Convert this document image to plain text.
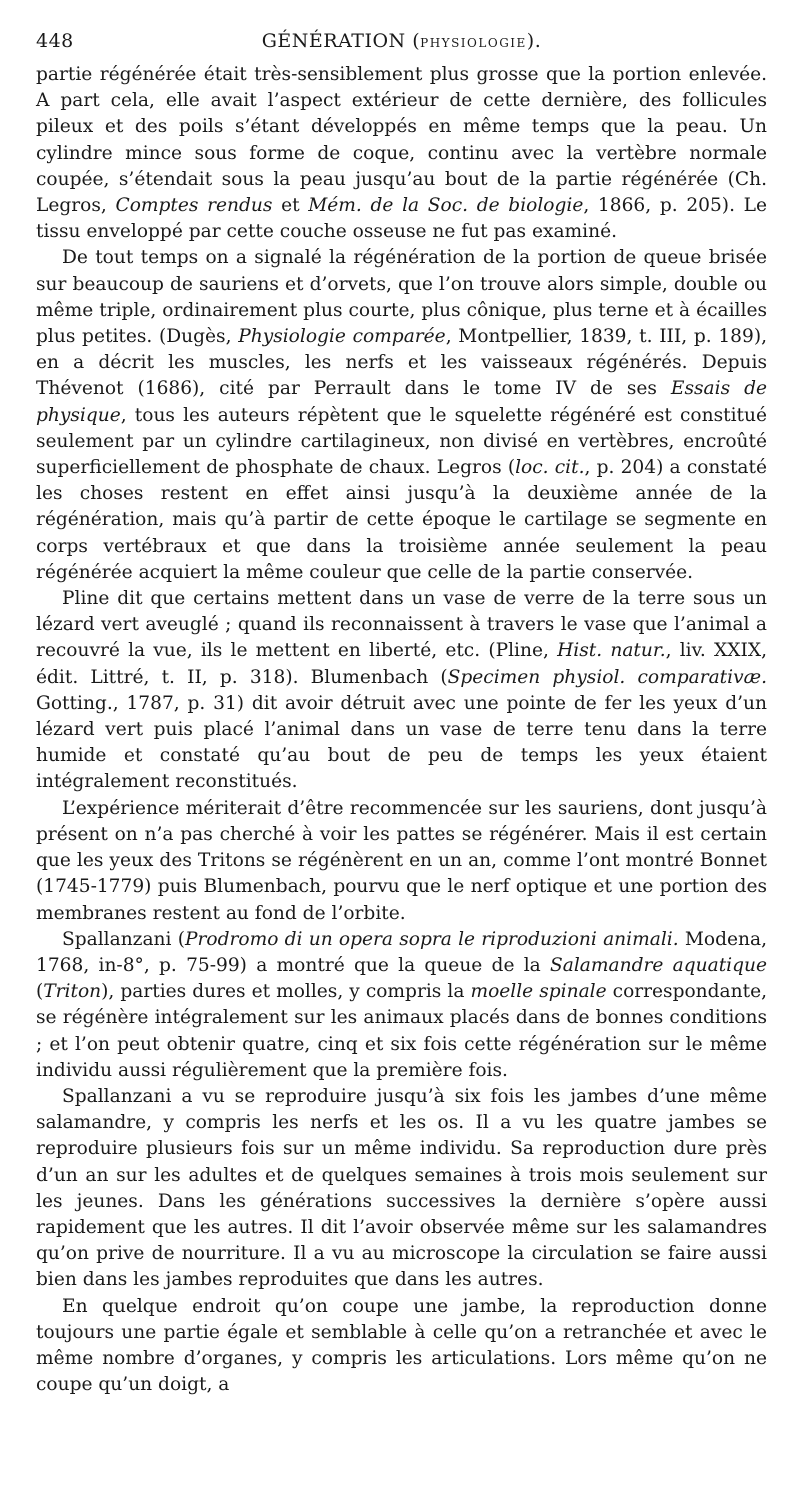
448	GÉNÉRATION (PHYSIOLOGIE).

partie régénérée était très-sensiblement plus grosse que la portion enlevée. A part cela, elle avait l’aspect extérieur de cette dernière, des follicules pileux et des poils s’étant développés en même temps que la peau. Un cylindre mince sous forme de coque, continu avec la vertèbre normale coupée, s’étendait sous la peau jusqu’au bout de la partie régénérée (Ch. Legros, Comptes rendus et Mém. de la Soc. de biologie, 1866, p. 205). Le tissu enveloppé par cette couche osseuse ne fut pas examiné.

De tout temps on a signalé la régénération de la portion de queue brisée sur beaucoup de sauriens et d’orvets, que l’on trouve alors simple, double ou même triple, ordinairement plus courte, plus cônique, plus terne et à écailles plus petites. (Dugès, Physiologie comparée, Montpellier, 1839, t. III, p. 189), en a décrit les muscles, les nerfs et les vaisseaux régénérés. Depuis Thévenot (1686), cité par Perrault dans le tome IV de ses Essais de physique, tous les auteurs répètent que le squelette régénéré est constitué seulement par un cylindre cartilagineux, non divisé en vertèbres, encroûté superficiellement de phosphate de chaux. Legros (loc. cit., p. 204) a constaté les choses restent en effet ainsi jusqu’à la deuxième année de la régénération, mais qu’à partir de cette époque le cartilage se segmente en corps vertébraux et que dans la troisième année seulement la peau régénérée acquiert la même couleur que celle de la partie conservée.

Pline dit que certains mettent dans un vase de verre de la terre sous un lézard vert aveuglé ; quand ils reconnaissent à travers le vase que l’animal a recouvré la vue, ils le mettent en liberté, etc. (Pline, Hist. natur., liv. XXIX, édit. Littré, t. II, p. 318). Blumenbach (Specimen physiol. comparativæ. Gotting., 1787, p. 31) dit avoir détruit avec une pointe de fer les yeux d’un lézard vert puis placé l’animal dans un vase de terre tenu dans la terre humide et constaté qu’au bout de peu de temps les yeux étaient intégralement reconstitués.

L’expérience mériterait d’être recommencée sur les sauriens, dont jusqu’à présent on n’a pas cherché à voir les pattes se régénérer. Mais il est certain que les yeux des Tritons se régénèrent en un an, comme l’ont montré Bonnet (1745-1779) puis Blumenbach, pourvu que le nerf optique et une portion des membranes restent au fond de l’orbite.

Spallanzani (Prodromo di un opera sopra le riproduzioni animali. Modena, 1768, in-8°, p. 75-99) a montré que la queue de la Salamandre aquatique (Triton), parties dures et molles, y compris la moelle spinale correspondante, se régénère intégralement sur les animaux placés dans de bonnes conditions ; et l’on peut obtenir quatre, cinq et six fois cette régénération sur le même individu aussi régulièrement que la première fois.

Spallanzani a vu se reproduire jusqu’à six fois les jambes d’une même salamandre, y compris les nerfs et les os. Il a vu les quatre jambes se reproduire plusieurs fois sur un même individu. Sa reproduction dure près d’un an sur les adultes et de quelques semaines à trois mois seulement sur les jeunes. Dans les générations successives la dernière s’opère aussi rapidement que les autres. Il dit l’avoir observée même sur les salamandres qu’on prive de nourriture. Il a vu au microscope la circulation se faire aussi bien dans les jambes reproduites que dans les autres.

En quelque endroit qu’on coupe une jambe, la reproduction donne toujours une partie égale et semblable à celle qu’on a retranchée et avec le même nombre d’organes, y compris les articulations. Lors même qu’on ne coupe qu’un doigt, a
